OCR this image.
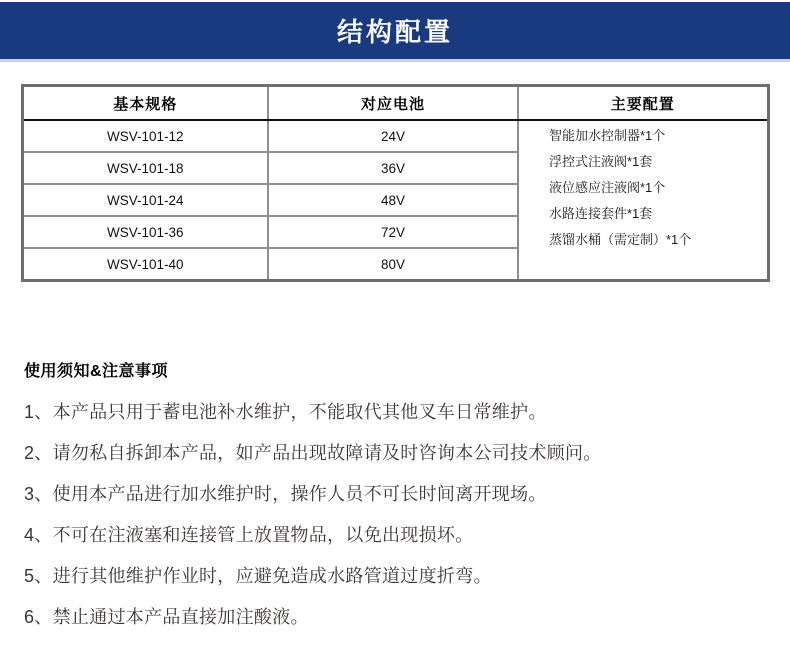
结构配置
基本规格	对应电池	主要配置
WSV-101-12	24V	智能加水控制器*1个
浮控式注液阀*1套
液位感应注液阀*1个
水路连接套件*1套
蒸馏水桶（需定制）*1个

WSV-101-18	36V	
WSV-101-24	48V	
WSV-101-36	72V	
WSV-101-40	80V	
使用须知&注意事项
1、本产品只用于蓄电池补水维护，不能取代其他叉车日常维护。
2、请勿私自拆卸本产品，如产品出现故障请及时咨询本公司技术顾问。
3、使用本产品进行加水维护时，操作人员不可长时间离开现场。
4、不可在注液塞和连接管上放置物品，以免出现损坏。
5、进行其他维护作业时，应避免造成水路管道过度折弯。
6、禁止通过本产品直接加注酸液。
